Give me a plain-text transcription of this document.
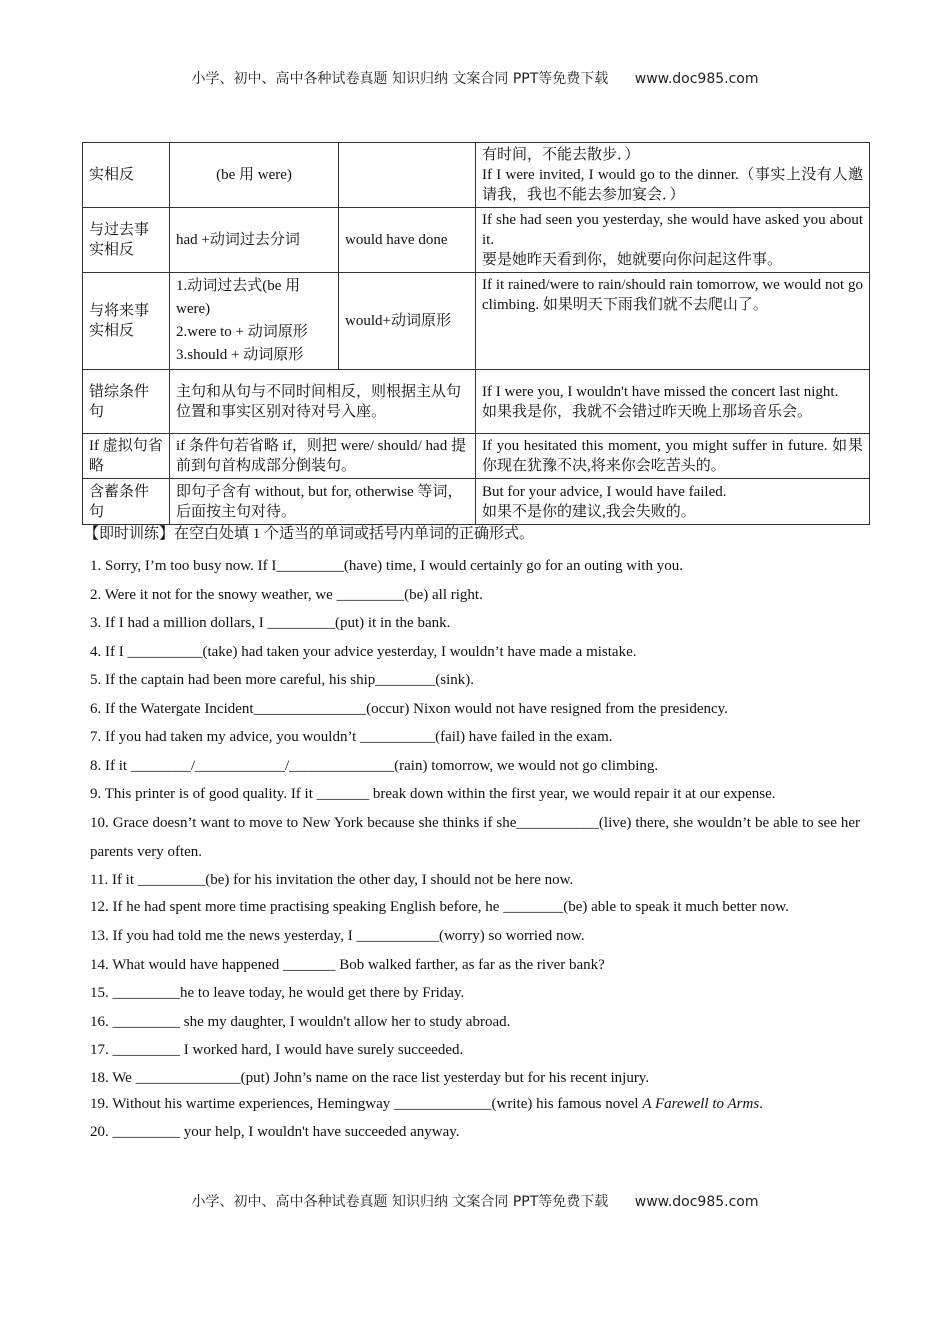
小学、初中、高中各种试卷真题 知识归纳 文案合同 PPT等免费下载 www.doc985.com
实相反	(be 用 were)		有时间，不能去散步．）
If I were invited, I would go to the dinner.（事实上没有人邀请我，我也不能去参加宴会．）

与过去事实相反	had +动词过去分词	would have done	If she had seen you yesterday, she would have asked you about it.
要是她昨天看到你，她就要向你问起这件事。

与将来事实相反	1.动词过去式(be 用 were)
2.were to + 动词原形
3.should + 动词原形	would+动词原形	If it rained/were to rain/should rain tomorrow, we would not go climbing. 如果明天下雨我们就不去爬山了。

错综条件句	主句和从句与不同时间相反，则根据主从句位置和事实区别对待对号入座。		If I were you, I wouldn't have missed the concert last night.
如果我是你，我就不会错过昨天晚上那场音乐会。

If 虚拟句省略	if 条件句若省略 if，则把 were/ should/ had 提前到句首构成部分倒装句。		If you hesitated this moment, you might suffer in future. 如果你现在犹豫不决,将来你会吃苦头的。

含蓄条件句	即句子含有 without, but for, otherwise 等词，后面按主句对待。		But for your advice, I would have failed.
如果不是你的建议,我会失败的。
【即时训练】在空白处填 1 个适当的单词或括号内单词的正确形式。
1. Sorry, I’m too busy now. If I_________(have) time, I would certainly go for an outing with you.
2. Were it not for the snowy weather, we _________(be) all right.
3. If I had a million dollars, I _________(put) it in the bank.
4. If I __________(take) had taken your advice yesterday, I wouldn’t have made a mistake.
5. If the captain had been more careful, his ship________(sink).
6. If the Watergate Incident_______________(occur) Nixon would not have resigned from the presidency.
7. If you had taken my advice, you wouldn’t __________(fail) have failed in the exam.
8. If it ________/____________/______________(rain) tomorrow, we would not go climbing.
9. This printer is of good quality. If it _______ break down within the first year, we would repair it at our expense.
10. Grace doesn’t want to move to New York because she thinks if she___________(live) there, she wouldn’t be able to see her parents very often.
11. If it _________(be) for his invitation the other day, I should not be here now.
12. If he had spent more time practising speaking English before, he ________(be) able to speak it much better now.
13. If you had told me the news yesterday, I ___________(worry) so worried now.
14. What would have happened _______ Bob walked farther, as far as the river bank?
15. _________he to leave today, he would get there by Friday.
16. _________ she my daughter, I wouldn't allow her to study abroad.
17. _________ I worked hard, I would have surely succeeded.
18. We ______________(put) John’s name on the race list yesterday but for his recent injury.
19. Without his wartime experiences, Hemingway _____________(write) his famous novel A Farewell to Arms.
20. _________ your help, I wouldn't have succeeded anyway.
小学、初中、高中各种试卷真题 知识归纳 文案合同 PPT等免费下载 www.doc985.com
